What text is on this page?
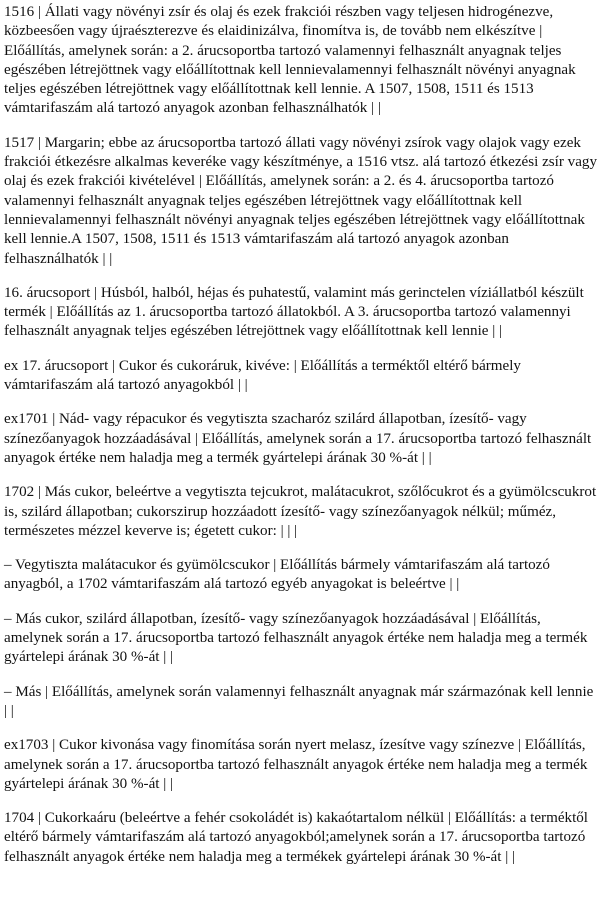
1516 | Állati vagy növényi zsír és olaj és ezek frakciói részben vagy teljesen hidrogénezve, közbeesően vagy újraészterezve és elaidinizálva, finomítva is, de tovább nem elkészítve | Előállítás, amelynek során: a 2. árucsoportba tartozó valamennyi felhasznált anyagnak teljes egészében létrejöttnek vagy előállítottnak kell lennievalamennyi felhasznált növényi anyagnak teljes egészében létrejöttnek vagy előállítottnak kell lennie. A 1507, 1508, 1511 és 1513 vámtarifaszám alá tartozó anyagok azonban felhasználhatók | |

1517 | Margarin; ebbe az árucsoportba tartozó állati vagy növényi zsírok vagy olajok vagy ezek frakciói étkezésre alkalmas keveréke vagy készítménye, a 1516 vtsz. alá tartozó étkezési zsír vagy olaj és ezek frakciói kivételével | Előállítás, amelynek során: a 2. és 4. árucsoportba tartozó valamennyi felhasznált anyagnak teljes egészében létrejöttnek vagy előállítottnak kell lennievalamennyi felhasznált növényi anyagnak teljes egészében létrejöttnek vagy előállítottnak kell lennie.A 1507, 1508, 1511 és 1513 vámtarifaszám alá tartozó anyagok azonban felhasználhatók | |

16. árucsoport | Húsból, halból, héjas és puhatestű, valamint más gerinctelen víziállatból készült termék | Előállítás az 1. árucsoportba tartozó állatokból. A 3. árucsoportba tartozó valamennyi felhasznált anyagnak teljes egészében létrejöttnek vagy előállítottnak kell lennie | |

ex 17. árucsoport | Cukor és cukoráruk, kivéve: | Előállítás a terméktől eltérő bármely vámtarifaszám alá tartozó anyagokból | |

ex1701 | Nád- vagy répacukor és vegytiszta szacharóz szilárd állapotban, ízesítő- vagy színezőanyagok hozzáadásával | Előállítás, amelynek során a 17. árucsoportba tartozó felhasznált anyagok értéke nem haladja meg a termék gyártelepi árának 30 %-át | |

1702 | Más cukor, beleértve a vegytiszta tejcukrot, malátacukrot, szőlőcukrot és a gyümölcscukrot is, szilárd állapotban; cukorszirup hozzáadott ízesítő- vagy színezőanyagok nélkül; műméz, természetes mézzel keverve is; égetett cukor: | | |

– Vegytiszta malátacukor és gyümölcscukor | Előállítás bármely vámtarifaszám alá tartozó anyagból, a 1702 vámtarifaszám alá tartozó egyéb anyagokat is beleértve | |

– Más cukor, szilárd állapotban, ízesítő- vagy színezőanyagok hozzáadásával | Előállítás, amelynek során a 17. árucsoportba tartozó felhasznált anyagok értéke nem haladja meg a termék gyártelepi árának 30 %-át | |

– Más | Előállítás, amelynek során valamennyi felhasznált anyagnak már származónak kell lennie | |

ex1703 | Cukor kivonása vagy finomítása során nyert melasz, ízesítve vagy színezve | Előállítás, amelynek során a 17. árucsoportba tartozó felhasznált anyagok értéke nem haladja meg a termék gyártelepi árának 30 %-át | |

1704 | Cukorkaáru (beleértve a fehér csokoládét is) kakaótartalom nélkül | Előállítás: a terméktől eltérő bármely vámtarifaszám alá tartozó anyagokból;amelynek során a 17. árucsoportba tartozó felhasznált anyagok értéke nem haladja meg a termékek gyártelepi árának 30 %-át | |
